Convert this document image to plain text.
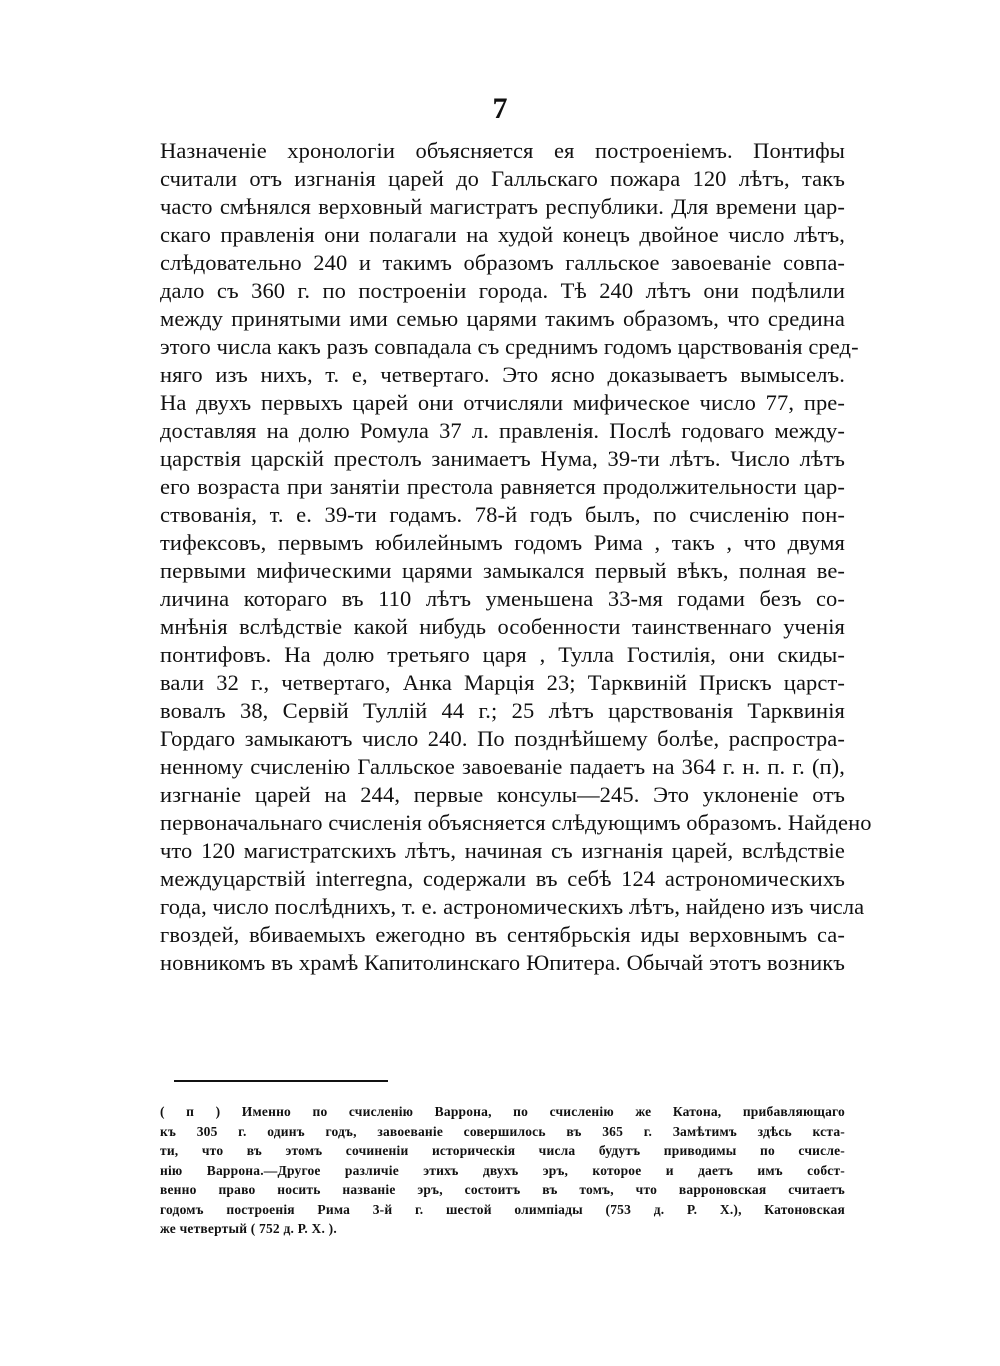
7
Назначеніе хронологіи объясняется ея построеніемъ. Понтифы
считали отъ изгнанія царей до Галльскаго пожара 120 лѣтъ, такъ
часто смѣнялся верховный магистратъ республики. Для времени цар-
скаго правленія они полагали на худой конецъ двойное число лѣтъ,
слѣдовательно 240 и такимъ образомъ галльское завоеваніе совпа-
дало съ 360 г. по построеніи города. Тѣ 240 лѣтъ они подѣлили
между принятыми ими семью царями такимъ образомъ, что средина
этого числа какъ разъ совпадала съ среднимъ годомъ царствованія сред-
няго изъ нихъ, т. е, четвертаго. Это ясно доказываетъ вымыселъ.
На двухъ первыхъ царей они отчисляли мифическое число 77, пре-
доставляя на долю Ромула 37 л. правленія. Послѣ годоваго между-
царствія царскій престолъ занимаетъ Нума, 39-ти лѣтъ. Число лѣтъ
его возраста при занятіи престола равняется продолжительности цар-
ствованія, т. е. 39-ти годамъ. 78-й годъ былъ, по счисленію пон-
тифексовъ, первымъ юбилейнымъ годомъ Рима , такъ , что двумя
первыми мифическими царями замыкался первый вѣкъ, полная ве-
личина котораго въ 110 лѣтъ уменьшена 33-мя годами безъ со-
мнѣнія вслѣдствіе какой нибудь особенности таинственнаго ученія
понтифовъ. На долю третьяго царя , Тулла Гостилія, они скиды-
вали 32 г., четвертаго, Анка Марція 23; Тарквиній Прискъ царст-
вовалъ 38, Сервій Туллій 44 г.; 25 лѣтъ царствованія Тарквинія
Гордаго замыкаютъ число 240. По позднѣйшему болѣе, распростра-
ненному счисленію Галльское завоеваніе падаетъ на 364 г. н. п. г. (п),
изгнаніе царей на 244, первые консулы—245. Это уклоненіе отъ
первоначальнаго счисленія объясняется слѣдующимъ образомъ. Найдено
что 120 магистратскихъ лѣтъ, начиная съ изгнанія царей, вслѣдствіе
междуцарствій interregna, содержали въ себѣ 124 астрономическихъ
года, число послѣднихъ, т. е. астрономическихъ лѣтъ, найдено изъ числа
гвоздей, вбиваемыхъ ежегодно въ сентябрьскія иды верховнымъ са-
новникомъ въ храмѣ Капитолинскаго Юпитера. Обычай этотъ возникъ
( п ) Именно по счисленію Варрона, по счисленію же Катона, прибавляющаго
къ 305 г. одинъ годъ, завоеваніе совершилось въ 365 г. Замѣтимъ здѣсь кста-
ти, что въ этомъ сочиненіи историческія числа будутъ приводимы по счисле-
нію Варрона.—Другое различіе этихъ двухъ эръ, которое и даетъ имъ собст-
венно право носить названіе эръ, состоитъ въ томъ, что варроновская считаетъ
годомъ построенія Рима 3-й г. шестой олимпіады (753 д. Р. Х.), Катоновская
же четвертый ( 752 д. Р. Х. ).
